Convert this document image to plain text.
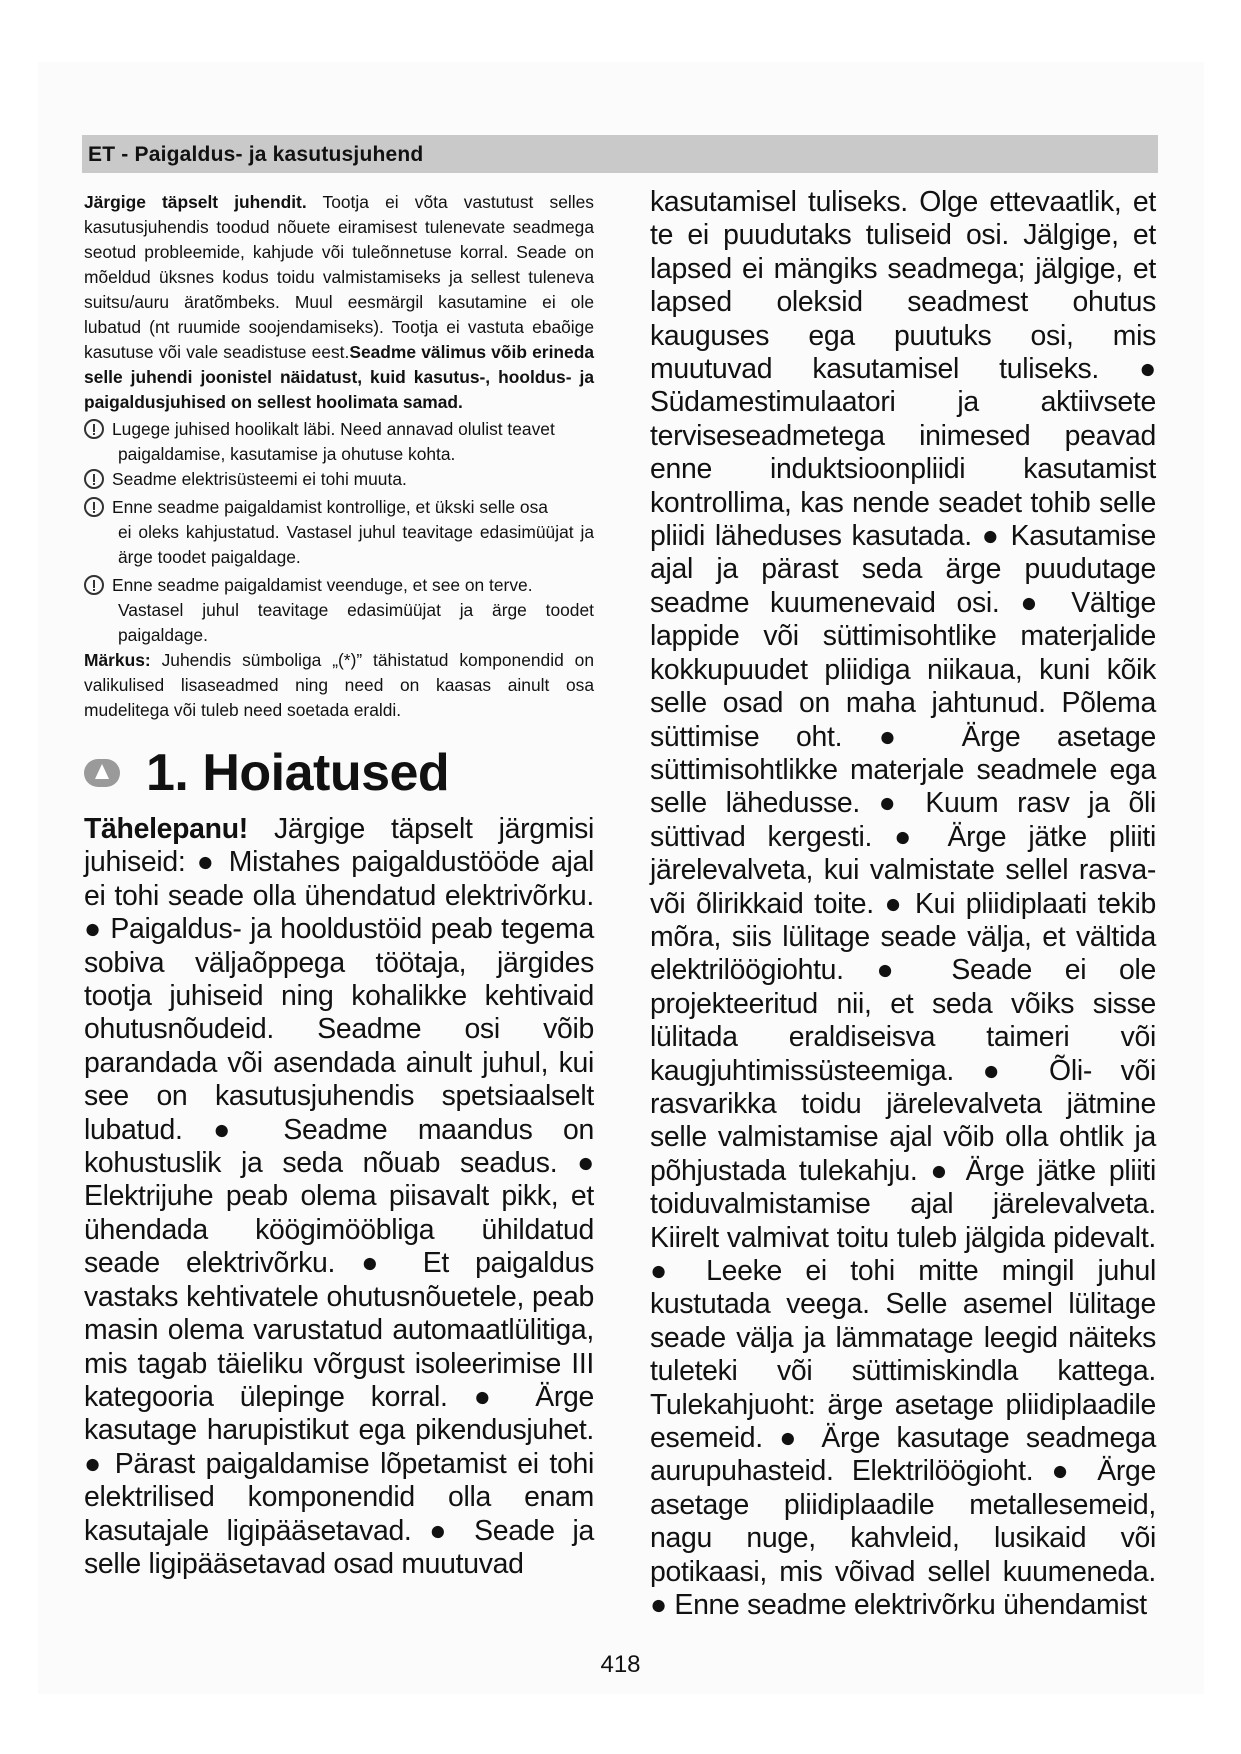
ET - Paigaldus- ja kasutusjuhend
Järgige täpselt juhendit. Tootja ei võta vastutust selles kasutusjuhendis toodud nõuete eiramisest tulenevate seadmega seotud probleemide, kahjude või tuleõnnetuse korral. Seade on mõeldud üksnes kodus toidu valmistamiseks ja sellest tuleneva suitsu/auru äratõmbeks. Muul eesmärgil kasutamine ei ole lubatud (nt ruumide soojendamiseks). Tootja ei vastuta ebaõige kasutuse või vale seadistuse eest.Seadme välimus võib erineda selle juhendi joonistel näidatust, kuid kasutus-, hooldus- ja paigaldusjuhised on sellest hoolimata samad.
Lugege juhised hoolikalt läbi. Need annavad olulist teavet
paigaldamise, kasutamise ja ohutuse kohta.
Seadme elektrisüsteemi ei tohi muuta.
Enne seadme paigaldamist kontrollige, et ükski selle osa
ei oleks kahjustatud. Vastasel juhul teavitage edasimüüjat ja ärge toodet paigaldage.
Enne seadme paigaldamist veenduge, et see on terve.
Vastasel juhul teavitage edasimüüjat ja ärge toodet paigaldage.
Märkus: Juhendis sümboliga „(*)” tähistatud komponendid on valikulised lisaseadmed ning need on kaasas ainult osa mudelitega või tuleb need soetada eraldi.
1. Hoiatused
Tähelepanu! Järgige täpselt järgmisi juhiseid: ● Mistahes paigaldustööde ajal ei tohi seade olla ühendatud elektrivõrku. ● Paigaldus- ja hooldustöid peab tegema sobiva väljaõppega töötaja, järgides tootja juhiseid ning kohalikke kehtivaid ohutusnõudeid. Seadme osi võib parandada või asendada ainult juhul, kui see on kasutusjuhendis spetsiaalselt lubatud. ● Seadme maandus on kohustuslik ja seda nõuab seadus. ● Elektrijuhe peab olema piisavalt pikk, et ühendada köögimööbliga ühildatud seade elektrivõrku. ● Et paigaldus vastaks kehtivatele ohutusnõuetele, peab masin olema varustatud automaatlülitiga, mis tagab täieliku võrgust isoleerimise III kategooria ülepinge korral. ● Ärge kasutage harupistikut ega pikendusjuhet. ● Pärast paigaldamise lõpetamist ei tohi elektrilised komponendid olla enam kasutajale ligipääsetavad. ● Seade ja selle ligipääsetavad osad muutuvad
kasutamisel tuliseks. Olge ettevaatlik, et te ei puudutaks tuliseid osi. Jälgige, et lapsed ei mängiks seadmega; jälgige, et lapsed oleksid seadmest ohutus kauguses ega puutuks osi, mis muutuvad kasutamisel tuliseks. ● Südamestimulaatori ja aktiivsete terviseseadmetega inimesed peavad enne induktsioonpliidi kasutamist kontrollima, kas nende seadet tohib selle pliidi läheduses kasutada. ● Kasutamise ajal ja pärast seda ärge puudutage seadme kuumenevaid osi. ● Vältige lappide või süttimisohtlike materjalide kokkupuudet pliidiga niikaua, kuni kõik selle osad on maha jahtunud. Põlema süttimise oht. ● Ärge asetage süttimisohtlikke materjale seadmele ega selle lähedusse. ● Kuum rasv ja õli süttivad kergesti. ● Ärge jätke pliiti järelevalveta, kui valmistate sellel rasva- või õlirikkaid toite. ● Kui pliidiplaati tekib mõra, siis lülitage seade välja, et vältida elektrilöögiohtu. ● Seade ei ole projekteeritud nii, et seda võiks sisse lülitada eraldiseisva taimeri või kaugjuhtimissüsteemiga. ● Õli- või rasvarikka toidu järelevalveta jätmine selle valmistamise ajal võib olla ohtlik ja põhjustada tulekahju. ● Ärge jätke pliiti toiduvalmistamise ajal järelevalveta. Kiirelt valmivat toitu tuleb jälgida pidevalt. ● Leeke ei tohi mitte mingil juhul kustutada veega. Selle asemel lülitage seade välja ja lämmatage leegid näiteks tuleteki või süttimiskindla kattega. Tulekahjuoht: ärge asetage pliidiplaadile esemeid. ● Ärge kasutage seadmega aurupuhasteid. Elektrilöögioht. ● Ärge asetage pliidiplaadile metallesemeid, nagu nuge, kahvleid, lusikaid või potikaasi, mis võivad sellel kuumeneda. ● Enne seadme elektrivõrku ühendamist
418
